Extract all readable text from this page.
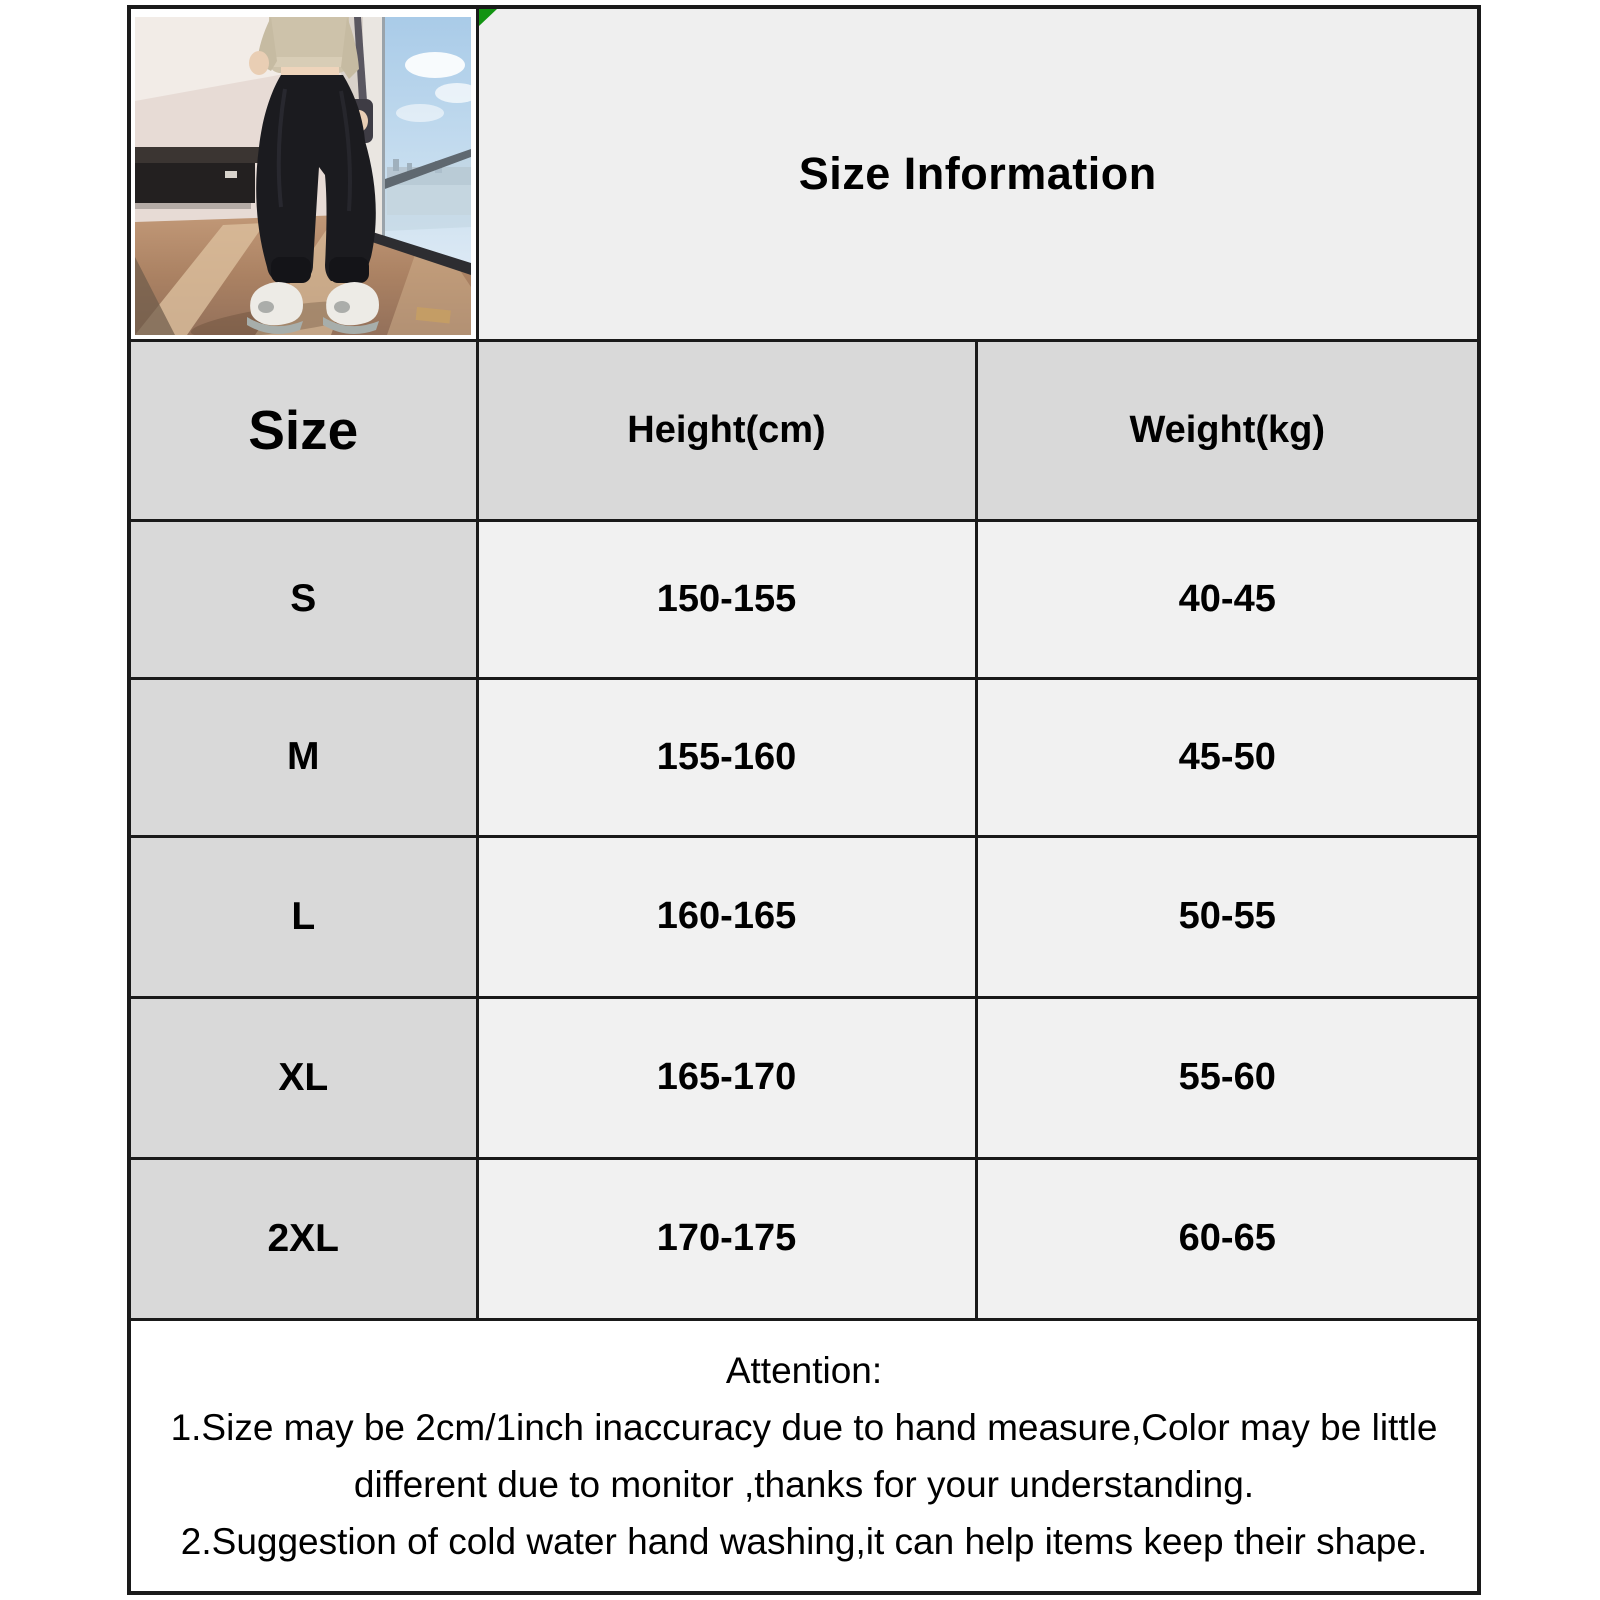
Size Information	
Size	Height(cm)	Weight(kg)
S	150-155	40-45
M	155-160	45-50
L	160-165	50-55
XL	165-170	55-60
2XL	170-175	60-65

Attention:
1.Size may be 2cm/1inch inaccuracy due to hand measure,Color may be little
different due to monitor ,thanks for your understanding.
2.Suggestion of cold water hand washing,it can help items keep their shape.		
